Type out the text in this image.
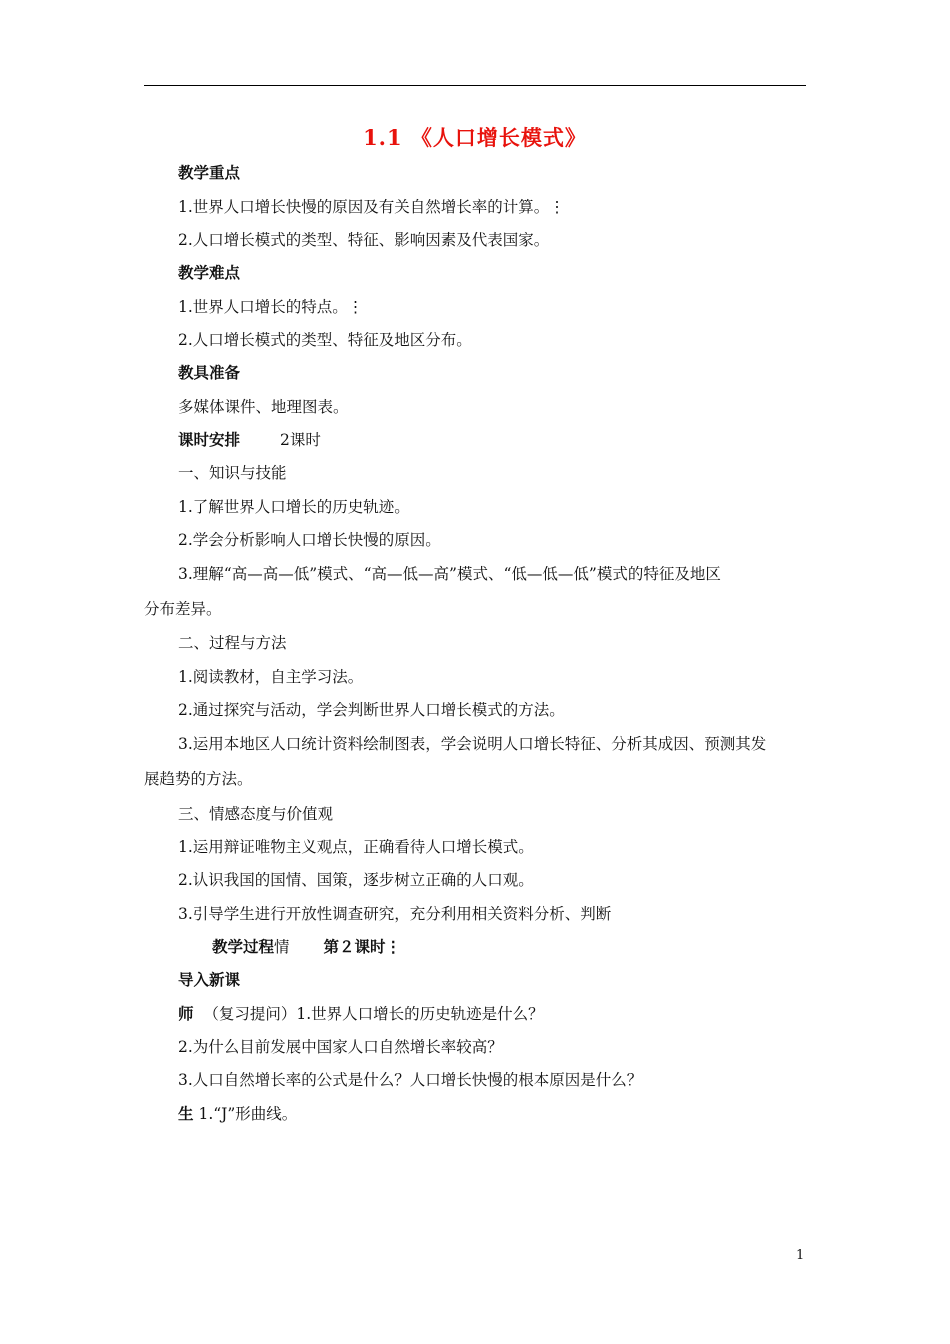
1.1 《人口增长模式》
教学重点
1.世界人口增长快慢的原因及有关自然增长率的计算。⋮
2.人口增长模式的类型、特征、影响因素及代表国家。
教学难点
1.世界人口增长的特点。⋮
2.人口增长模式的类型、特征及地区分布。
教具准备
多媒体课件、地理图表。
课时安排	2课时
一、知识与技能
1.了解世界人口增长的历史轨迹。
2.学会分析影响人口增长快慢的原因。
3.理解“高—高—低”模式、“高—低—高”模式、“低—低—低”模式的特征及地区
分布差异。
二、过程与方法
1.阅读教材，自主学习法。
2.通过探究与活动，学会判断世界人口增长模式的方法。
3.运用本地区人口统计资料绘制图表，学会说明人口增长特征、分析其成因、预测其发
展趋势的方法。
三、情感态度与价值观
1.运用辩证唯物主义观点，正确看待人口增长模式。
2.认识我国的国情、国策，逐步树立正确的人口观。
3.引导学生进行开放性调查研究，充分利用相关资料分析、判断
教学过程情 第２课时⋮
导入新课
师 （复习提问）1.世界人口增长的历史轨迹是什么？
2.为什么目前发展中国家人口自然增长率较高？
3.人口自然增长率的公式是什么？人口增长快慢的根本原因是什么？
生 1.“J”形曲线。
1
